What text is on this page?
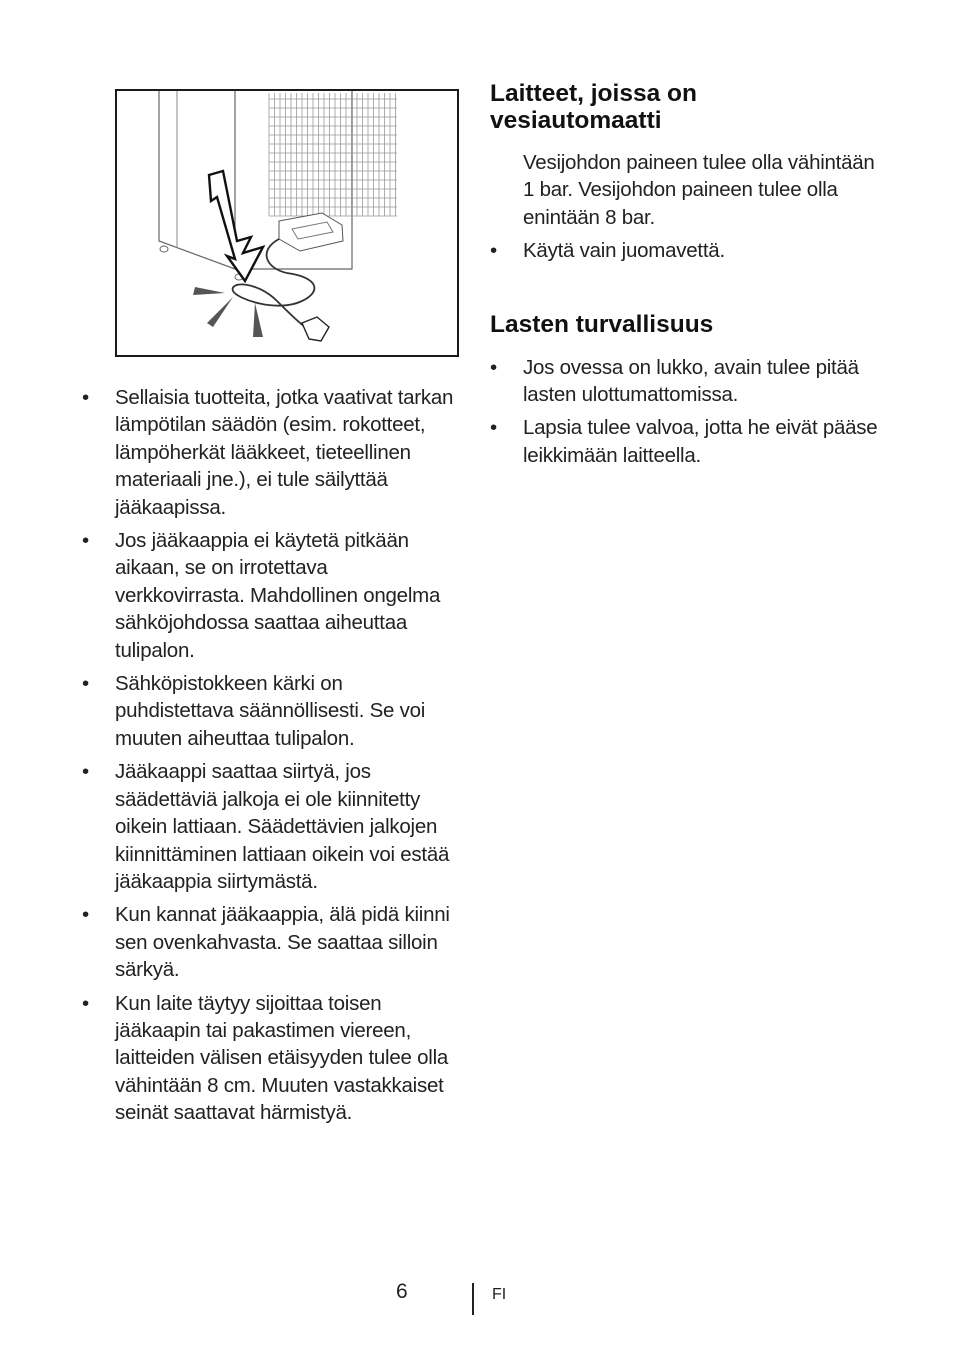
• Sellaisia tuotteita, jotka vaativat tarkan lämpötilan säädön (esim. rokotteet, lämpöherkät lääkkeet, tieteellinen materiaali jne.), ei tule säilyttää jääkaapissa.
• Jos jääkaappia ei käytetä pitkään aikaan, se on irrotettava verkkovirrasta. Mahdollinen ongelma sähköjohdossa saattaa aiheuttaa tulipalon.
• Sähköpistokkeen kärki on puhdistettava säännöllisesti. Se voi muuten aiheuttaa tulipalon.
• Jääkaappi saattaa siirtyä, jos säädettäviä jalkoja ei ole kiinnitetty oikein lattiaan. Säädettävien jalkojen kiinnittäminen lattiaan oikein voi estää jääkaappia siirtymästä.
• Kun kannat jääkaappia, älä pidä kiinni sen ovenkahvasta. Se saattaa silloin särkyä.
• Kun laite täytyy sijoittaa toisen jääkaapin tai pakastimen viereen, laitteiden välisen etäisyyden tulee olla vähintään 8 cm. Muuten vastakkaiset seinät saattavat härmistyä.
Laitteet, joissa on vesiautomaatti

Vesijohdon paineen tulee olla vähintään 1 bar. Vesijohdon paineen tulee olla enintään 8 bar.

• Käytä vain juomavettä.
Lasten turvallisuus
• Jos ovessa on lukko, avain tulee pitää lasten ulottumattomissa.
• Lapsia tulee valvoa, jotta he eivät pääse leikkimään laitteella.
6	FI
